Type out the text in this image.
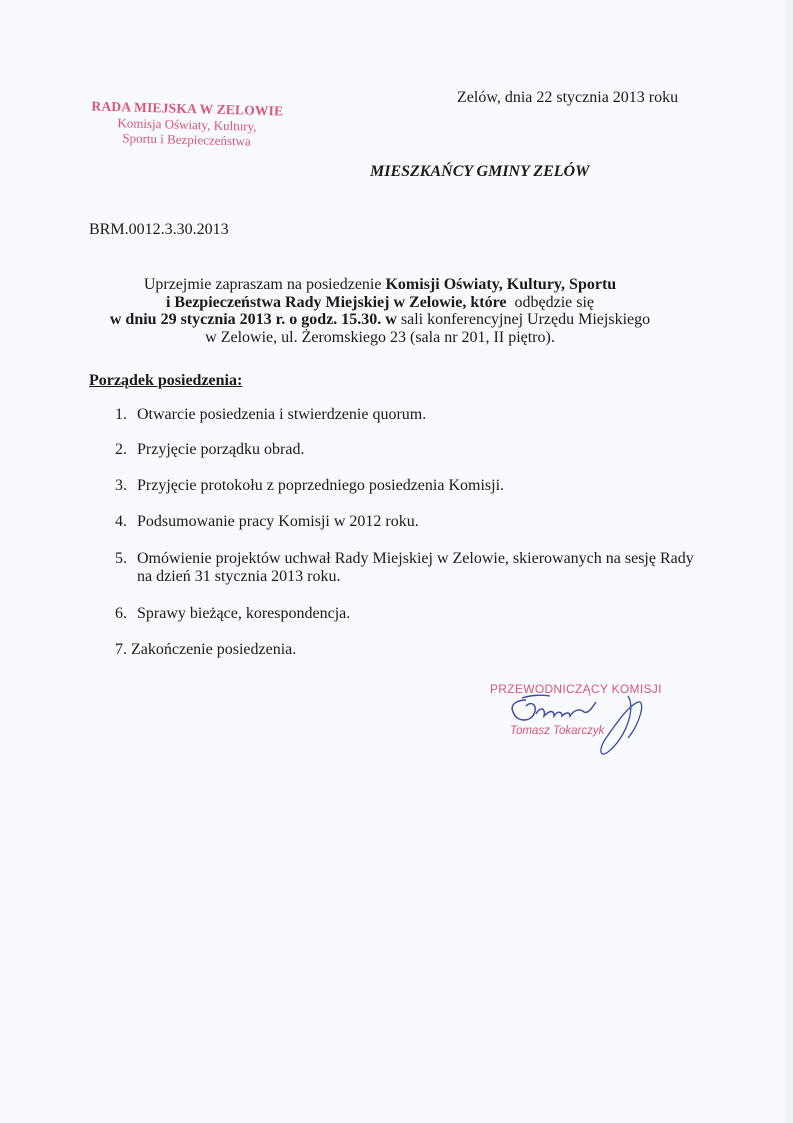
RADA MIEJSKA W ZELOWIE
Komisja Oświaty, Kultury,
Sportu i Bezpieczeństwa
Zelów, dnia 22 stycznia 2013 roku
MIESZKAŃCY GMINY ZELÓW
BRM.0012.3.30.2013
Uprzejmie zapraszam na posiedzenie Komisji Oświaty, Kultury, Sportu
i Bezpieczeństwa Rady Miejskiej w Zelowie, które  odbędzie się
w dniu 29 stycznia 2013 r. o godz. 15.30. w sali konferencyjnej Urzędu Miejskiego
w Zelowie, ul. Żeromskiego 23 (sala nr 201, II piętro).
Porządek posiedzenia:
1. Otwarcie posiedzenia i stwierdzenie quorum.
2. Przyjęcie porządku obrad.
3. Przyjęcie protokołu z poprzedniego posiedzenia Komisji.
4. Podsumowanie pracy Komisji w 2012 roku.
5. Omówienie projektów uchwał Rady Miejskiej w Zelowie, skierowanych na sesję Rady
na dzień 31 stycznia 2013 roku.
6. Sprawy bieżące, korespondencja.
7. Zakończenie posiedzenia.
PRZEWODNICZĄCY KOMISJI
Tomasz Tokarczyk
